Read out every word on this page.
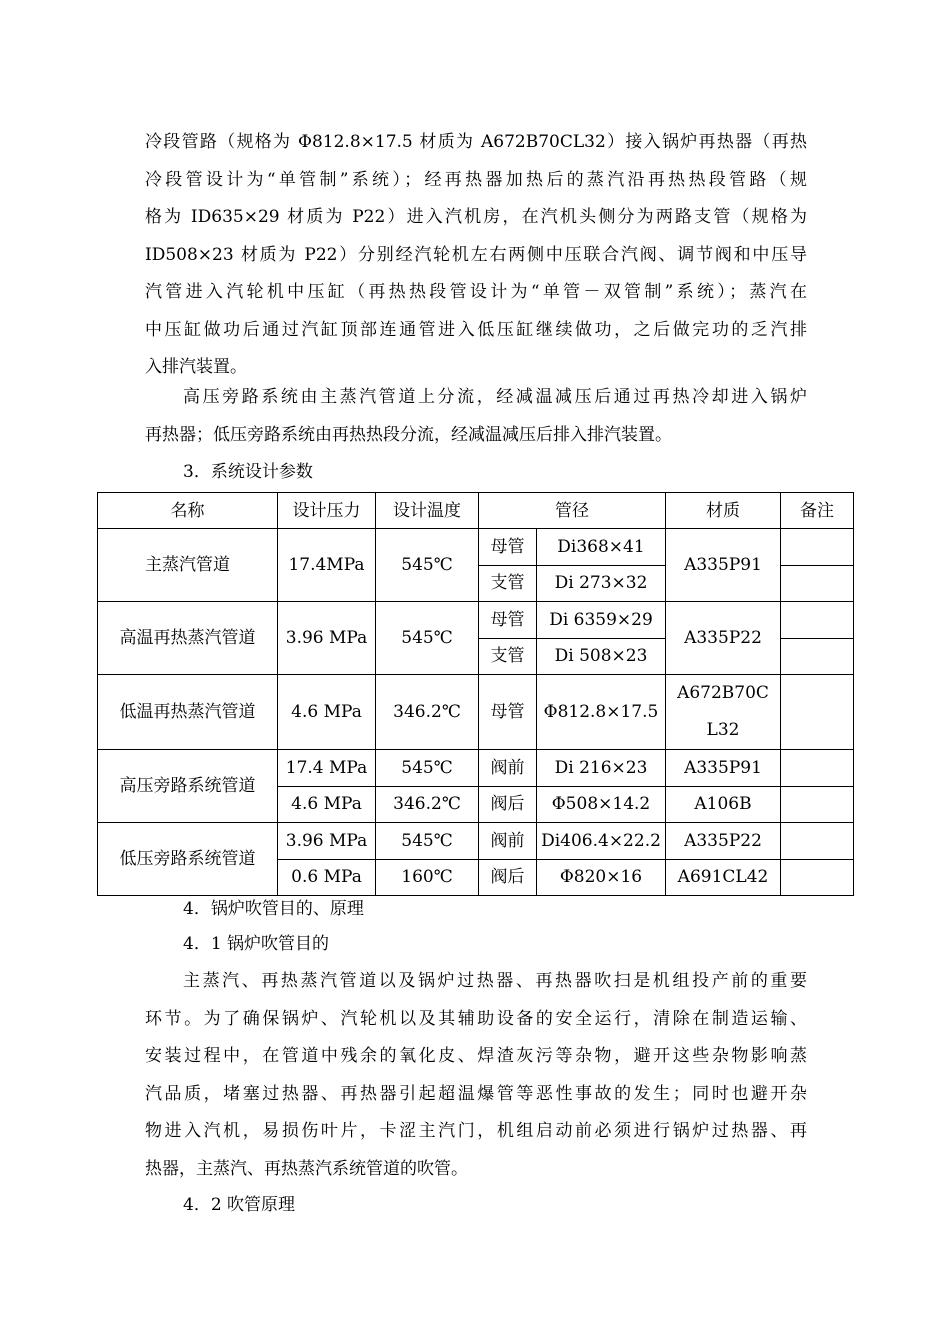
冷段管路（规格为 Φ812.8×17.5 材质为 A672B70CL32）接入锅炉再热器（再热
冷段管设计为“单管制”系统）；经再热器加热后的蒸汽沿再热热段管路（规
格为 ID635×29 材质为 P22）进入汽机房，在汽机头侧分为两路支管（规格为
ID508×23 材质为 P22）分别经汽轮机左右两侧中压联合汽阀、调节阀和中压导
汽管进入汽轮机中压缸（再热热段管设计为“单管－双管制”系统）；蒸汽在
中压缸做功后通过汽缸顶部连通管进入低压缸继续做功，之后做完功的乏汽排
入排汽装置。
高压旁路系统由主蒸汽管道上分流，经减温减压后通过再热冷却进入锅炉
再热器；低压旁路系统由再热热段分流，经减温减压后排入排汽装置。

3．系统设计参数

名称	设计压力	设计温度	管径		材质	备注
主蒸汽管道	17.4MPa	545℃	母管	Di368×41	A335P91	
			支管	Di 273×32		
高温再热蒸汽管道	3.96 MPa	545℃	母管	Di 6359×29	A335P22	
			支管	Di 508×23		
低温再热蒸汽管道	4.6 MPa	346.2℃	母管	Φ812.8×17.5	A672B70C
L32	
高压旁路系统管道	17.4 MPa	545℃	阀前	Di 216×23	A335P91	
	4.6 MPa	346.2℃	阀后	Φ508×14.2	A106B	
低压旁路系统管道	3.96 MPa	545℃	阀前	Di406.4×22.2	A335P22	
	0.6 MPa	160℃	阀后	Φ820×16	A691CL42	

4．锅炉吹管目的、原理

4．1 锅炉吹管目的

主蒸汽、再热蒸汽管道以及锅炉过热器、再热器吹扫是机组投产前的重要
环节。为了确保锅炉、汽轮机以及其辅助设备的安全运行，清除在制造运输、
安装过程中，在管道中残余的氧化皮、焊渣灰污等杂物，避开这些杂物影响蒸
汽品质，堵塞过热器、再热器引起超温爆管等恶性事故的发生；同时也避开杂
物进入汽机，易损伤叶片，卡涩主汽门，机组启动前必须进行锅炉过热器、再
热器，主蒸汽、再热蒸汽系统管道的吹管。

4．2 吹管原理
